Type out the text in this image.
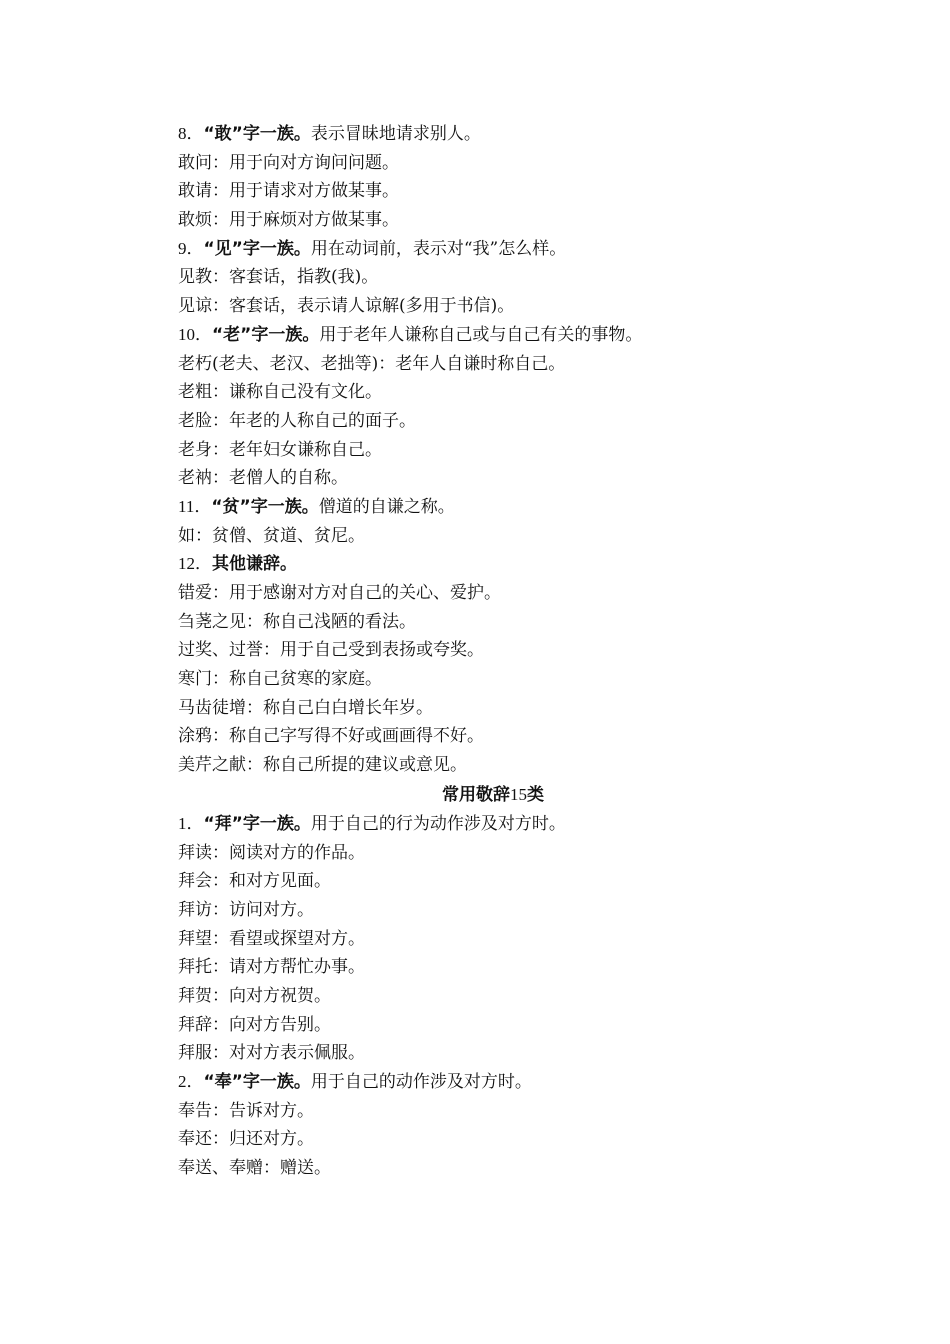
8．“敢”字一族。表示冒昧地请求别人。
敢问：用于向对方询问问题。
敢请：用于请求对方做某事。
敢烦：用于麻烦对方做某事。
9．“见”字一族。用在动词前，表示对“我”怎么样。
见教：客套话，指教(我)。
见谅：客套话，表示请人谅解(多用于书信)。
10．“老”字一族。用于老年人谦称自己或与自己有关的事物。
老朽(老夫、老汉、老拙等)：老年人自谦时称自己。
老粗：谦称自己没有文化。
老脸：年老的人称自己的面子。
老身：老年妇女谦称自己。
老衲：老僧人的自称。
11．“贫”字一族。僧道的自谦之称。
如：贫僧、贫道、贫尼。
12．其他谦辞。
错爱：用于感谢对方对自己的关心、爱护。
刍荛之见：称自己浅陋的看法。
过奖、过誉：用于自己受到表扬或夸奖。
寒门：称自己贫寒的家庭。
马齿徒增：称自己白白增长年岁。
涂鸦：称自己字写得不好或画画得不好。
美芹之献：称自己所提的建议或意见。
常用敬辞15类
1．“拜”字一族。用于自己的行为动作涉及对方时。
拜读：阅读对方的作品。
拜会：和对方见面。
拜访：访问对方。
拜望：看望或探望对方。
拜托：请对方帮忙办事。
拜贺：向对方祝贺。
拜辞：向对方告别。
拜服：对对方表示佩服。
2．“奉”字一族。用于自己的动作涉及对方时。
奉告：告诉对方。
奉还：归还对方。
奉送、奉赠：赠送。
